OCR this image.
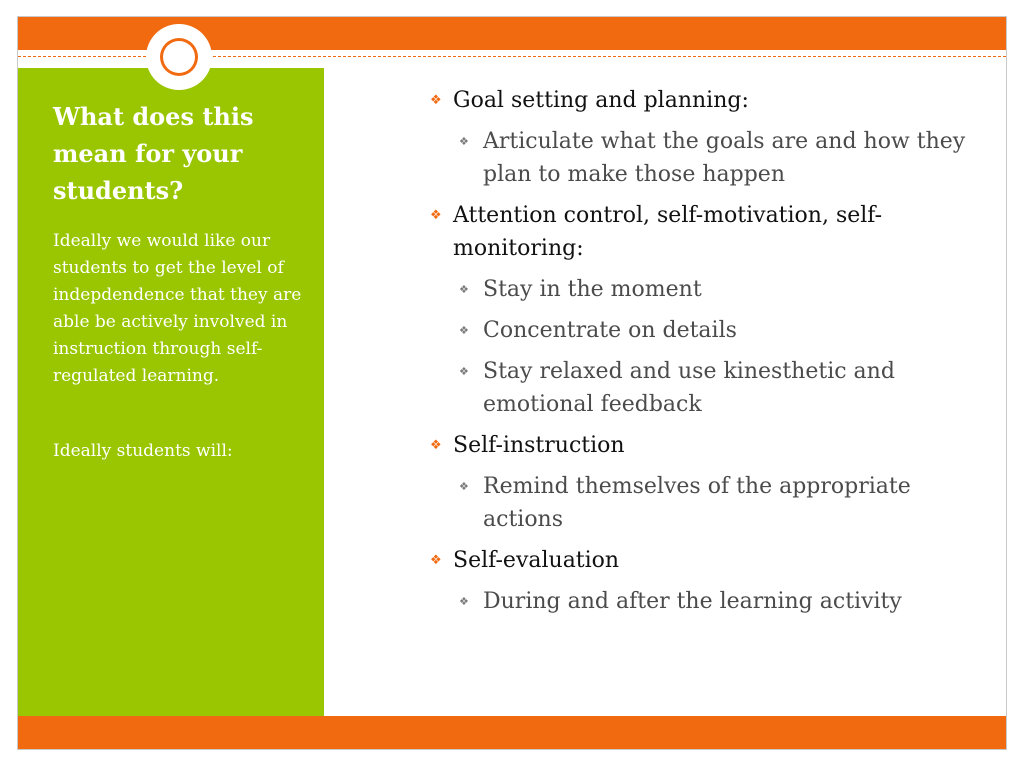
What does this mean for your students?

Ideally we would like our students to get the level of indepdendence that they are able be actively involved in instruction through self-regulated learning.

Ideally students will:

❖ Goal setting and planning:
❖ Articulate what the goals are and how they plan to make those happen
❖ Attention control, self-motivation, self-monitoring:
❖ Stay in the moment
❖ Concentrate on details
❖ Stay relaxed and use kinesthetic and emotional feedback
❖ Self-instruction
❖ Remind themselves of the appropriate actions
❖ Self-evaluation
❖ During and after the learning activity
